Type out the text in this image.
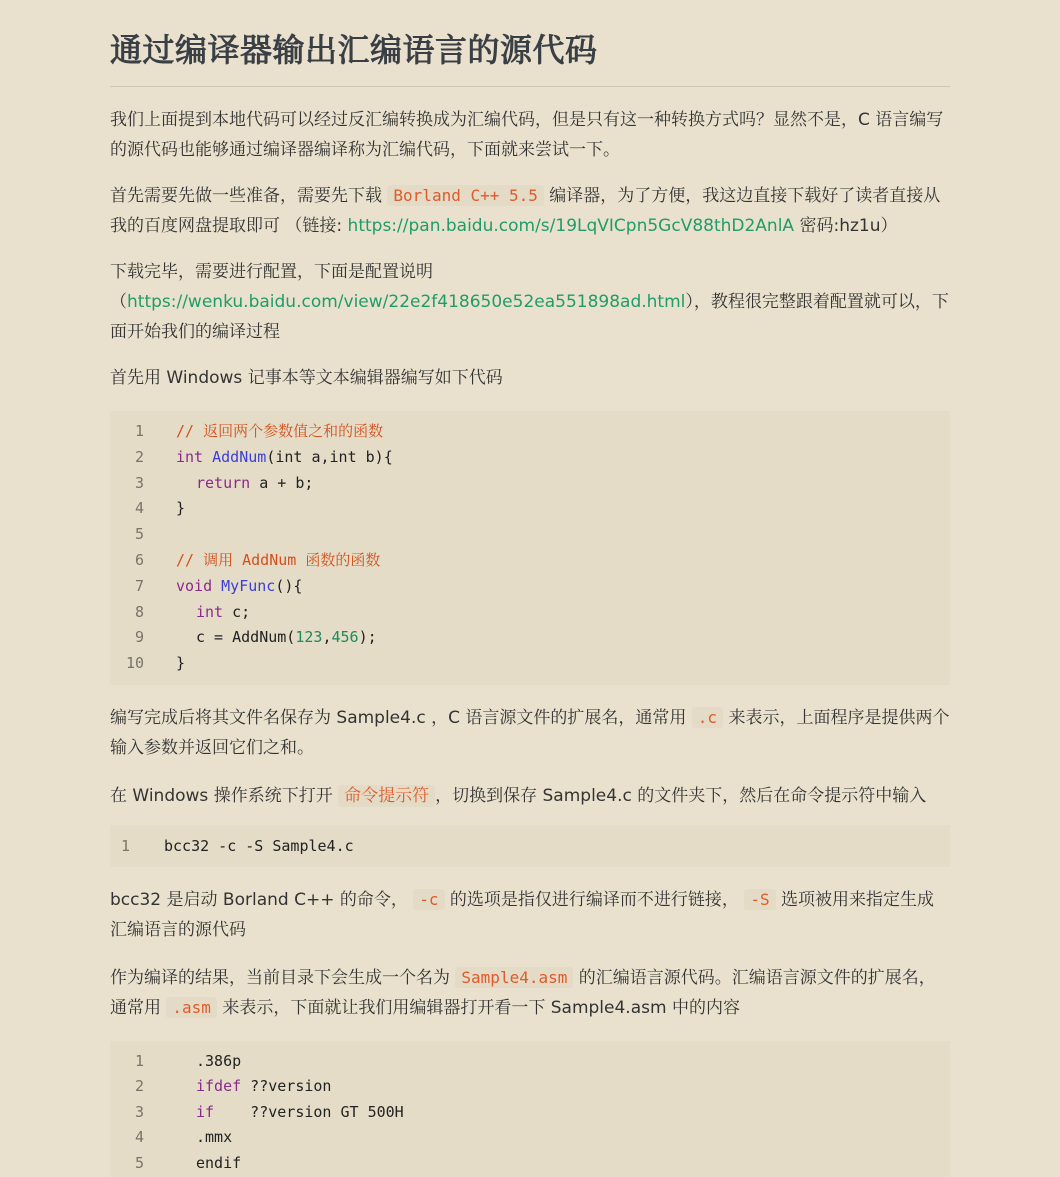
通过编译器输出汇编语言的源代码

我们上面提到本地代码可以经过反汇编转换成为汇编代码，但是只有这一种转换方式吗？显然不是，C 语言编写的源代码也能够通过编译器编译称为汇编代码，下面就来尝试一下。

首先需要先做一些准备，需要先下载 Borland C++ 5.5 编译器，为了方便，我这边直接下载好了读者直接从我的百度网盘提取即可 （链接: https://pan.baidu.com/s/19LqVICpn5GcV88thD2AnlA 密码:hz1u）

下载完毕，需要进行配置，下面是配置说明 （https://wenku.baidu.com/view/22e2f418650e52ea551898ad.html），教程很完整跟着配置就可以，下面开始我们的编译过程

首先用 Windows 记事本等文本编辑器编写如下代码

1	// 返回两个参数值之和的函数
2	int AddNum(int a,int b){
3	return a + b;
4	}
5
6	// 调用 AddNum 函数的函数
7	void MyFunc(){
8	int c;
9	c = AddNum(123,456);
10	}

编写完成后将其文件名保存为 Sample4.c ，C 语言源文件的扩展名，通常用 .c 来表示，上面程序是提供两个输入参数并返回它们之和。

在 Windows 操作系统下打开 命令提示符 ，切换到保存 Sample4.c 的文件夹下，然后在命令提示符中输入

1	bcc32 -c -S Sample4.c

bcc32 是启动 Borland C++ 的命令， -c 的选项是指仅进行编译而不进行链接， -S 选项被用来指定生成汇编语言的源代码

作为编译的结果，当前目录下会生成一个名为 Sample4.asm 的汇编语言源代码。汇编语言源文件的扩展名，通常用 .asm 来表示，下面就让我们用编辑器打开看一下 Sample4.asm 中的内容

1	.386p
2	ifdef ??version
3	if    ??version GT 500H
4	.mmx
5	endif
